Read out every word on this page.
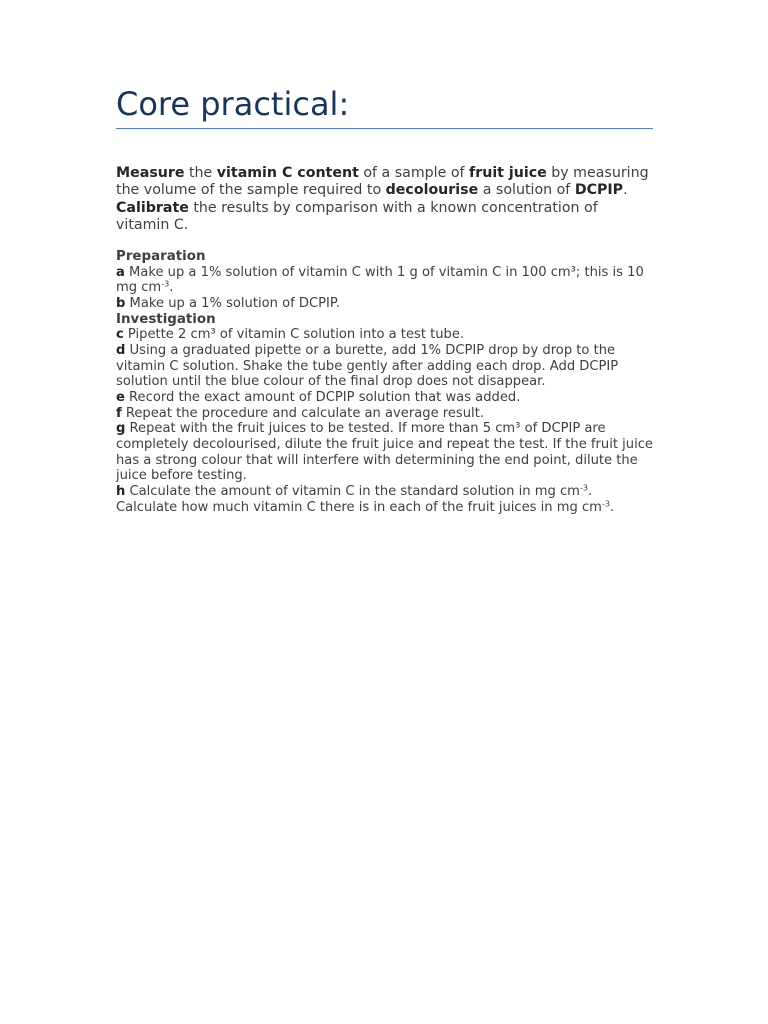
Core practical:

Measure the vitamin C content of a sample of fruit juice by measuring the volume of the sample required to decolourise a solution of DCPIP. Calibrate the results by comparison with a known concentration of vitamin C.

Preparation

a Make up a 1% solution of vitamin C with 1 g of vitamin C in 100 cm³; this is 10 mg $cm^{-3}$.

b Make up a 1% solution of DCPIP.

Investigation

c Pipette 2 cm³ of vitamin C solution into a test tube.

d Using a graduated pipette or a burette, add 1% DCPIP drop by drop to the vitamin C solution. Shake the tube gently after adding each drop. Add DCPIP solution until the blue colour of the final drop does not disappear.

e Record the exact amount of DCPIP solution that was added.

f Repeat the procedure and calculate an average result.

g Repeat with the fruit juices to be tested. If more than 5 cm³ of DCPIP are completely decolourised, dilute the fruit juice and repeat the test. If the fruit juice has a strong colour that will interfere with determining the end point, dilute the juice before testing.

h Calculate the amount of vitamin C in the standard solution in mg $cm^{-3}$. Calculate how much vitamin C there is in each of the fruit juices in mg $cm^{-3}$.
